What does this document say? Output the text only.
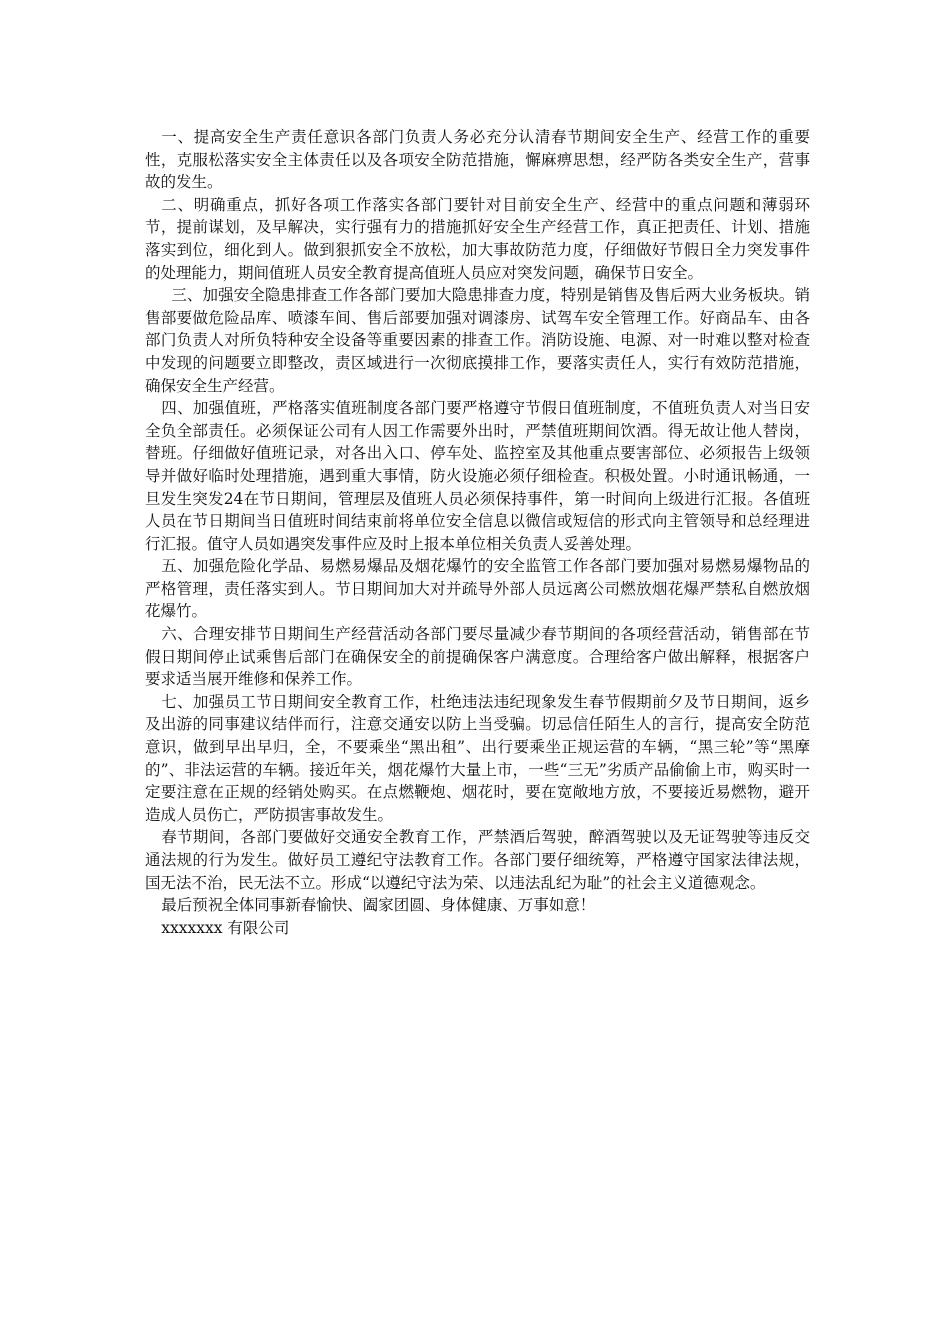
一、提高安全生产责任意识各部门负责人务必充分认清春节期间安全生产、经营工作的重要性，克服松落实安全主体责任以及各项安全防范措施，懈麻痹思想，经严防各类安全生产，营事故的发生。

二、明确重点，抓好各项工作落实各部门要针对目前安全生产、经营中的重点问题和薄弱环节，提前谋划，及早解决，实行强有力的措施抓好安全生产经营工作，真正把责任、计划、措施落实到位，细化到人。做到狠抓安全不放松，加大事故防范力度，仔细做好节假日全力突发事件的处理能力，期间值班人员安全教育提高值班人员应对突发问题，确保节日安全。

三、加强安全隐患排查工作各部门要加大隐患排查力度，特别是销售及售后两大业务板块。销售部要做危险品库、喷漆车间、售后部要加强对调漆房、试驾车安全管理工作。好商品车、由各部门负责人对所负特种安全设备等重要因素的排查工作。消防设施、电源、对一时难以整对检查中发现的问题要立即整改，责区域进行一次彻底摸排工作，要落实责任人，实行有效防范措施，确保安全生产经营。

四、加强值班，严格落实值班制度各部门要严格遵守节假日值班制度，不值班负责人对当日安全负全部责任。必须保证公司有人因工作需要外出时，严禁值班期间饮酒。得无故让他人替岗，替班。仔细做好值班记录，对各出入口、停车处、监控室及其他重点要害部位、必须报告上级领导并做好临时处理措施，遇到重大事情，防火设施必须仔细检查。积极处置。小时通讯畅通，一旦发生突发24在节日期间，管理层及值班人员必须保持事件，第一时间向上级进行汇报。各值班人员在节日期间当日值班时间结束前将单位安全信息以微信或短信的形式向主管领导和总经理进行汇报。值守人员如遇突发事件应及时上报本单位相关负责人妥善处理。

五、加强危险化学品、易燃易爆品及烟花爆竹的安全监管工作各部门要加强对易燃易爆物品的严格管理，责任落实到人。节日期间加大对并疏导外部人员远离公司燃放烟花爆严禁私自燃放烟花爆竹。

六、合理安排节日期间生产经营活动各部门要尽量减少春节期间的各项经营活动，销售部在节假日期间停止试乘售后部门在确保安全的前提确保客户满意度。合理给客户做出解释，根据客户要求适当展开维修和保养工作。

七、加强员工节日期间安全教育工作，杜绝违法违纪现象发生春节假期前夕及节日期间，返乡及出游的同事建议结伴而行，注意交通安以防上当受骗。切忌信任陌生人的言行，提高安全防范意识，做到早出早归，全，不要乘坐“黑出租”、出行要乘坐正规运营的车辆，“黑三轮”等“黑摩的”、非法运营的车辆。接近年关，烟花爆竹大量上市，一些“三无”劣质产品偷偷上市，购买时一定要注意在正规的经销处购买。在点燃鞭炮、烟花时，要在宽敞地方放，不要接近易燃物，避开造成人员伤亡，严防损害事故发生。

春节期间，各部门要做好交通安全教育工作，严禁酒后驾驶，醉酒驾驶以及无证驾驶等违反交通法规的行为发生。做好员工遵纪守法教育工作。各部门要仔细统筹，严格遵守国家法律法规，国无法不治，民无法不立。形成“以遵纪守法为荣、以违法乱纪为耻”的社会主义道德观念。

最后预祝全体同事新春愉快、阖家团圆、身体健康、万事如意！

xxxxxxx 有限公司
